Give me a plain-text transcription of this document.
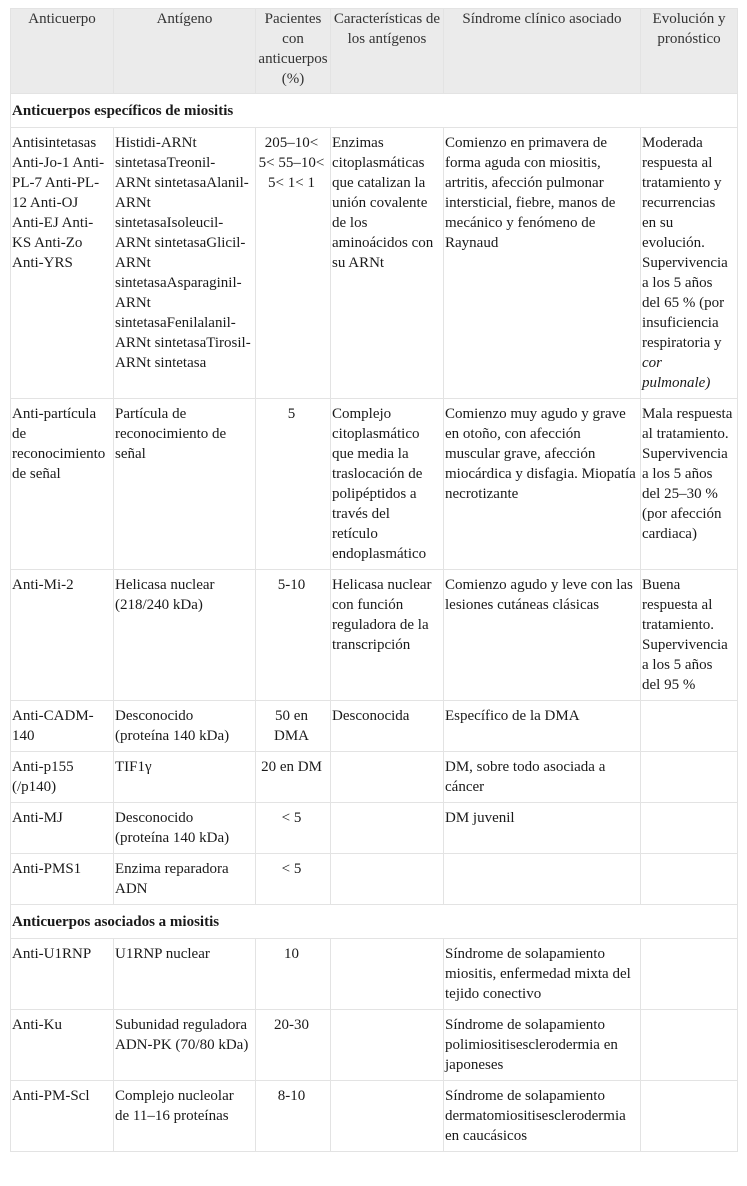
Anticuerpo	Antígeno	Pacientes con anticuerpos (%)	Características de los antígenos	Síndrome clínico asociado	Evolución y pronóstico
Anticuerpos específicos de miositis					
Antisintetasas Anti-Jo-1 Anti-PL-7 Anti-PL-12 Anti-OJ Anti-EJ Anti-KS Anti-Zo Anti-YRS	Histidi-ARNt sintetasaTreonil-ARNt sintetasaAlanil-ARNt sintetasaIsoleucil-ARNt sintetasaGlicil-ARNt sintetasaAsparaginil-ARNt sintetasaFenilalanil-ARNt sintetasaTirosil-ARNt sintetasa	205–10< 5< 55–10< 5< 1< 1	Enzimas citoplasmáticas que catalizan la unión covalente de los aminoácidos con su ARNt	Comienzo en primavera de forma aguda con miositis, artritis, afección pulmonar intersticial, fiebre, manos de mecánico y fenómeno de Raynaud	Moderada respuesta al tratamiento y recurrencias en su evolución. Supervivencia a los 5 años del 65 % (por insuficiencia respiratoria y cor pulmonale)
Anti-partícula de reconocimiento de señal	Partícula de reconocimiento de señal	5	Complejo citoplasmático que media la traslocación de polipéptidos a través del retículo endoplasmático	Comienzo muy agudo y grave en otoño, con afección muscular grave, afección miocárdica y disfagia. Miopatía necrotizante	Mala respuesta al tratamiento. Supervivencia a los 5 años del 25–30 % (por afección cardiaca)
Anti-Mi-2	Helicasa nuclear (218/240 kDa)	5-10	Helicasa nuclear con función reguladora de la transcripción	Comienzo agudo y leve con las lesiones cutáneas clásicas	Buena respuesta al tratamiento. Supervivencia a los 5 años del 95 %
Anti-CADM-140	Desconocido (proteína 140 kDa)	50 en DMA	Desconocida	Específico de la DMA	
Anti-p155 (/p140)	TIF1γ	20 en DM		DM, sobre todo asociada a cáncer	
Anti-MJ	Desconocido (proteína 140 kDa)	< 5		DM juvenil	
Anti-PMS1	Enzima reparadora ADN	< 5			
Anticuerpos asociados a miositis					
Anti-U1RNP	U1RNP nuclear	10		Síndrome de solapamiento miositis, enfermedad mixta del tejido conectivo	
Anti-Ku	Subunidad reguladora ADN-PK (70/80 kDa)	20-30		Síndrome de solapamiento polimiositisesclerodermia en japoneses	
Anti-PM-Scl	Complejo nucleolar de 11–16 proteínas	8-10		Síndrome de solapamiento dermatomiositisesclerodermia en caucásicos	
